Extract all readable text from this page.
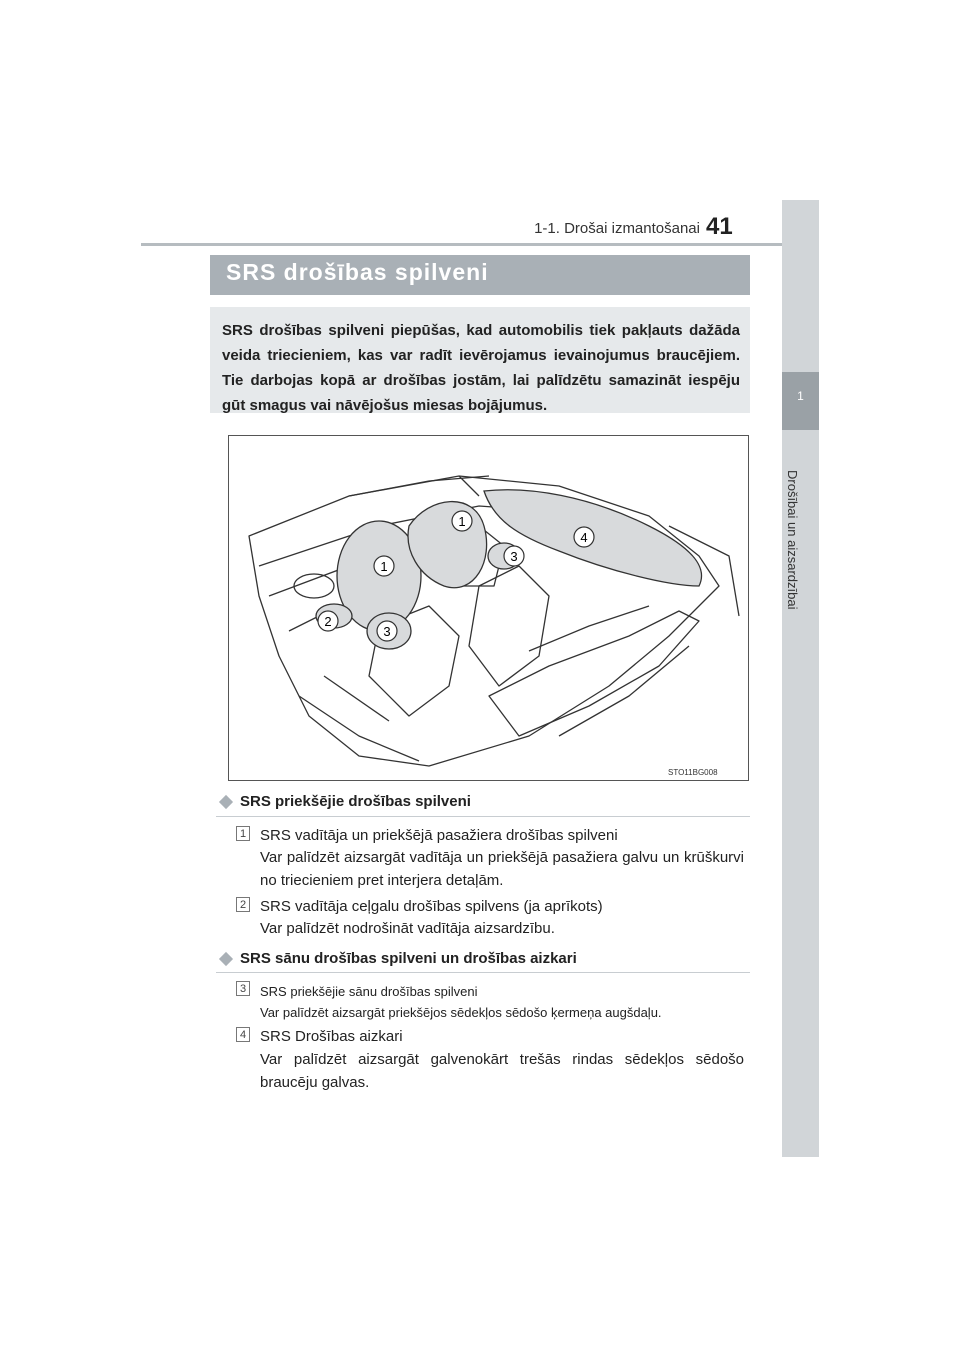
1-1. Drošai izmantošanai 41
1
Drošībai un aizsardzībai
SRS drošības spilveni
SRS drošības spilveni piepūšas, kad automobilis tiek pakļauts dažāda veida triecieniem, kas var radīt ievērojamus ievainojumus braucējiem. Tie darbojas kopā ar drošības jostām, lai palīdzētu samazināt iespēju gūt smagus vai nāvējošus miesas bojājumus.
1
1
2
3
3
4
STO11BG008
SRS priekšējie drošības spilveni
1 SRS vadītāja un priekšējā pasažiera drošības spilveni
Var palīdzēt aizsargāt vadītāja un priekšējā pasažiera galvu un krūškurvi no triecieniem pret interjera detaļām.
2 SRS vadītāja ceļgalu drošības spilvens (ja aprīkots)
Var palīdzēt nodrošināt vadītāja aizsardzību.
SRS sānu drošības spilveni un drošības aizkari
3	SRS priekšējie sānu drošības spilveni
Var palīdzēt aizsargāt priekšējos sēdekļos sēdošo ķermeņa augšdaļu.
4 SRS Drošības aizkari
Var palīdzēt aizsargāt galvenokārt trešās rindas sēdekļos sēdošo braucēju galvas.
